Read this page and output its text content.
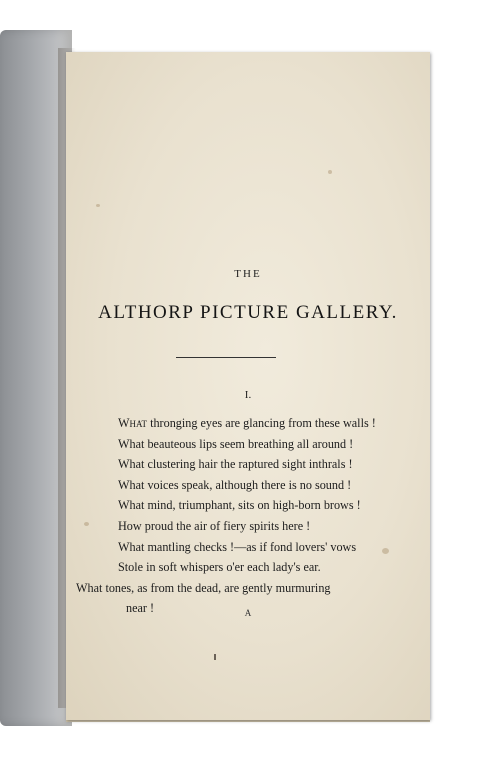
THE
ALTHORP PICTURE GALLERY.
I.
What thronging eyes are glancing from these walls !
What beauteous lips seem breathing all around !
What clustering hair the raptured sight inthrals !
What voices speak, although there is no sound !
What mind, triumphant, sits on high-born brows !
How proud the air of fiery spirits here !
What mantling checks !—as if fond lovers' vows
Stole in soft whispers o'er each lady's ear.
What tones, as from the dead, are gently murmuring
near !	A
